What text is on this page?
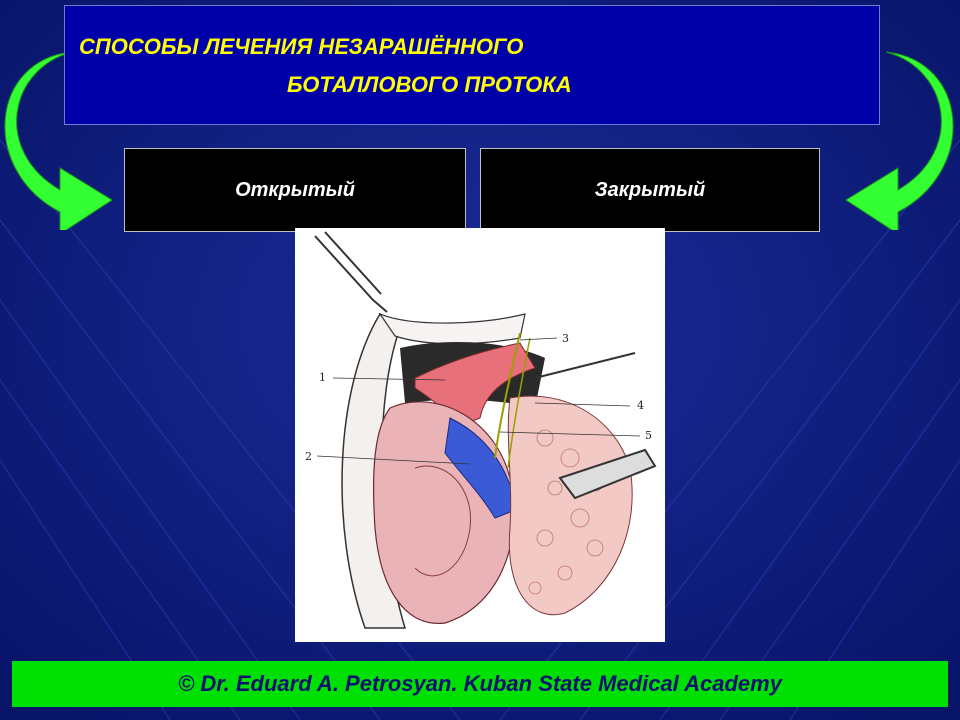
СПОСОБЫ ЛЕЧЕНИЯ НЕЗАРАШЁННОГО
БОТАЛЛОВОГО ПРОТОКА
Открытый	Закрытый
1
2
3
4
5
© Dr. Eduard A. Petrosyan. Kuban State Medical Academy
